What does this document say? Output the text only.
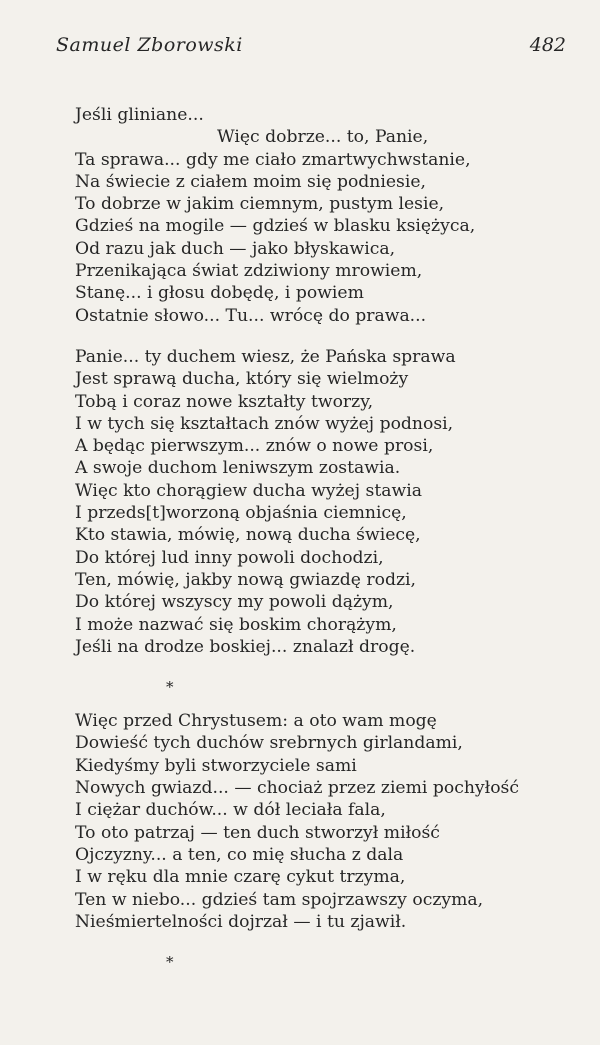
Samuel Zborowski	482
Jeśli gliniane...
Więc dobrze... to, Panie,
Ta sprawa... gdy me ciało zmartwychwstanie,
Na świecie z ciałem moim się podniesie,
To dobrze w jakim ciemnym, pustym lesie,
Gdzieś na mogile — gdzieś w blasku księżyca,
Od razu jak duch — jako błyskawica,
Przenikająca świat zdziwiony mrowiem,
Stanę... i głosu dobędę, i powiem
Ostatnie słowo... Tu... wrócę do prawa...
Panie... ty duchem wiesz, że Pańska sprawa
Jest sprawą ducha, który się wielmoży
Tobą i coraz nowe kształty tworzy,
I w tych się kształtach znów wyżej podnosi,
A będąc pierwszym... znów o nowe prosi,
A swoje duchom leniwszym zostawia.
Więc kto chorągiew ducha wyżej stawia
I przeds[t]worzoną objaśnia ciemnicę,
Kto stawia, mówię, nową ducha świecę,
Do której lud inny powoli dochodzi,
Ten, mówię, jakby nową gwiazdę rodzi,
Do której wszyscy my powoli dążym,
I może nazwać się boskim chorążym,
Jeśli na drodze boskiej... znalazł drogę.
*
Więc przed Chrystusem: a oto wam mogę
Dowieść tych duchów srebrnych girlandami,
Kiedyśmy byli stworzyciele sami
Nowych gwiazd... — chociaż przez ziemi pochyłość
I ciężar duchów... w dół leciała fala,
To oto patrzaj — ten duch stworzył miłość
Ojczyzny... a ten, co mię słucha z dala
I w ręku dla mnie czarę cykut trzyma,
Ten w niebo... gdzieś tam spojrzawszy oczyma,
Nieśmiertelności dojrzał — i tu zjawił.
*
